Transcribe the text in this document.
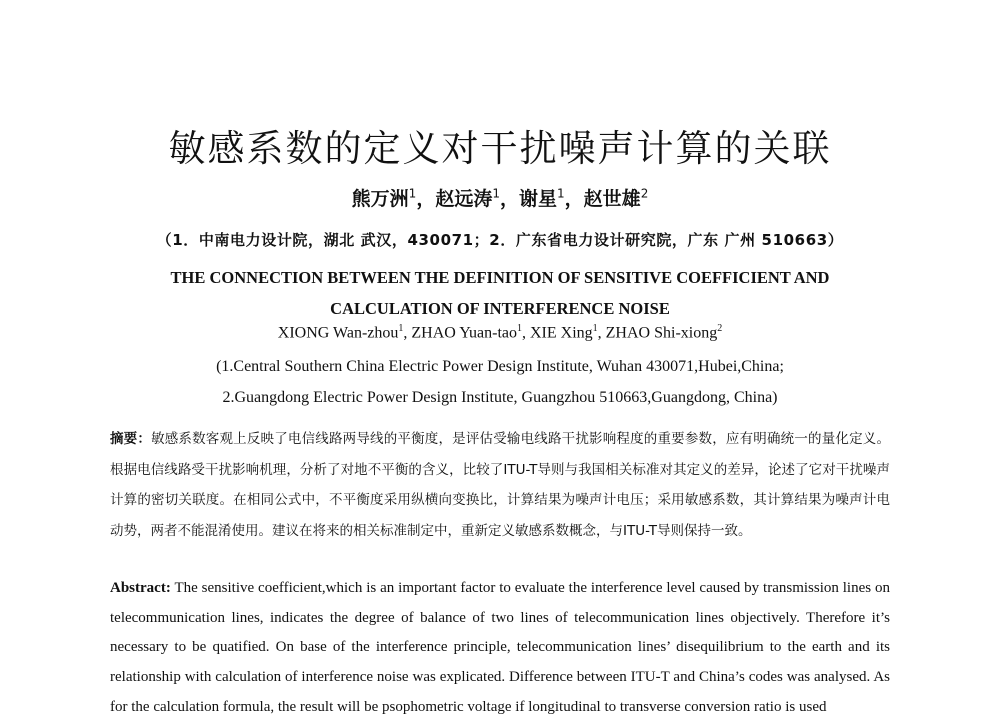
敏感系数的定义对干扰噪声计算的关联
熊万洲$^1$，赵远涛$^1$，谢星$^1$，赵世雄$^2$
（1．中南电力设计院，湖北 武汉，430071；2．广东省电力设计研究院，广东 广州 510663）
THE CONNECTION BETWEEN THE DEFINITION OF SENSITIVE COEFFICIENT AND
CALCULATION OF INTERFERENCE NOISE
XIONG Wan-zhou$^1$, ZHAO Yuan-tao$^1$, XIE Xing$^1$, ZHAO Shi-xiong$^2$
(1.Central Southern China Electric Power Design Institute, Wuhan 430071,Hubei,China;
2.Guangdong Electric Power Design Institute, Guangzhou 510663,Guangdong, China)
摘要：敏感系数客观上反映了电信线路两导线的平衡度，是评估受输电线路干扰影响程度的重要参数，应有明确统一的量化定义。根据电信线路受干扰影响机理，分析了对地不平衡的含义，比较了ITU-T导则与我国相关标准对其定义的差异，论述了它对干扰噪声计算的密切关联度。在相同公式中，不平衡度采用纵横向变换比，计算结果为噪声计电压；采用敏感系数，其计算结果为噪声计电动势，两者不能混淆使用。建议在将来的相关标准制定中，重新定义敏感系数概念，与ITU-T导则保持一致。
Abstract: The sensitive coefficient,which is an important factor to evaluate the interference level caused by transmission lines on telecommunication lines, indicates the degree of balance of two lines of telecommunication lines objectively. Therefore it’s necessary to be quatified. On base of the interference principle, telecommunication lines’ disequilibrium to the earth and its relationship with calculation of interference noise was explicated. Difference between ITU-T and China’s codes was analysed. As for the calculation formula, the result will be psophometric voltage if longitudinal to transverse conversion ratio is used
